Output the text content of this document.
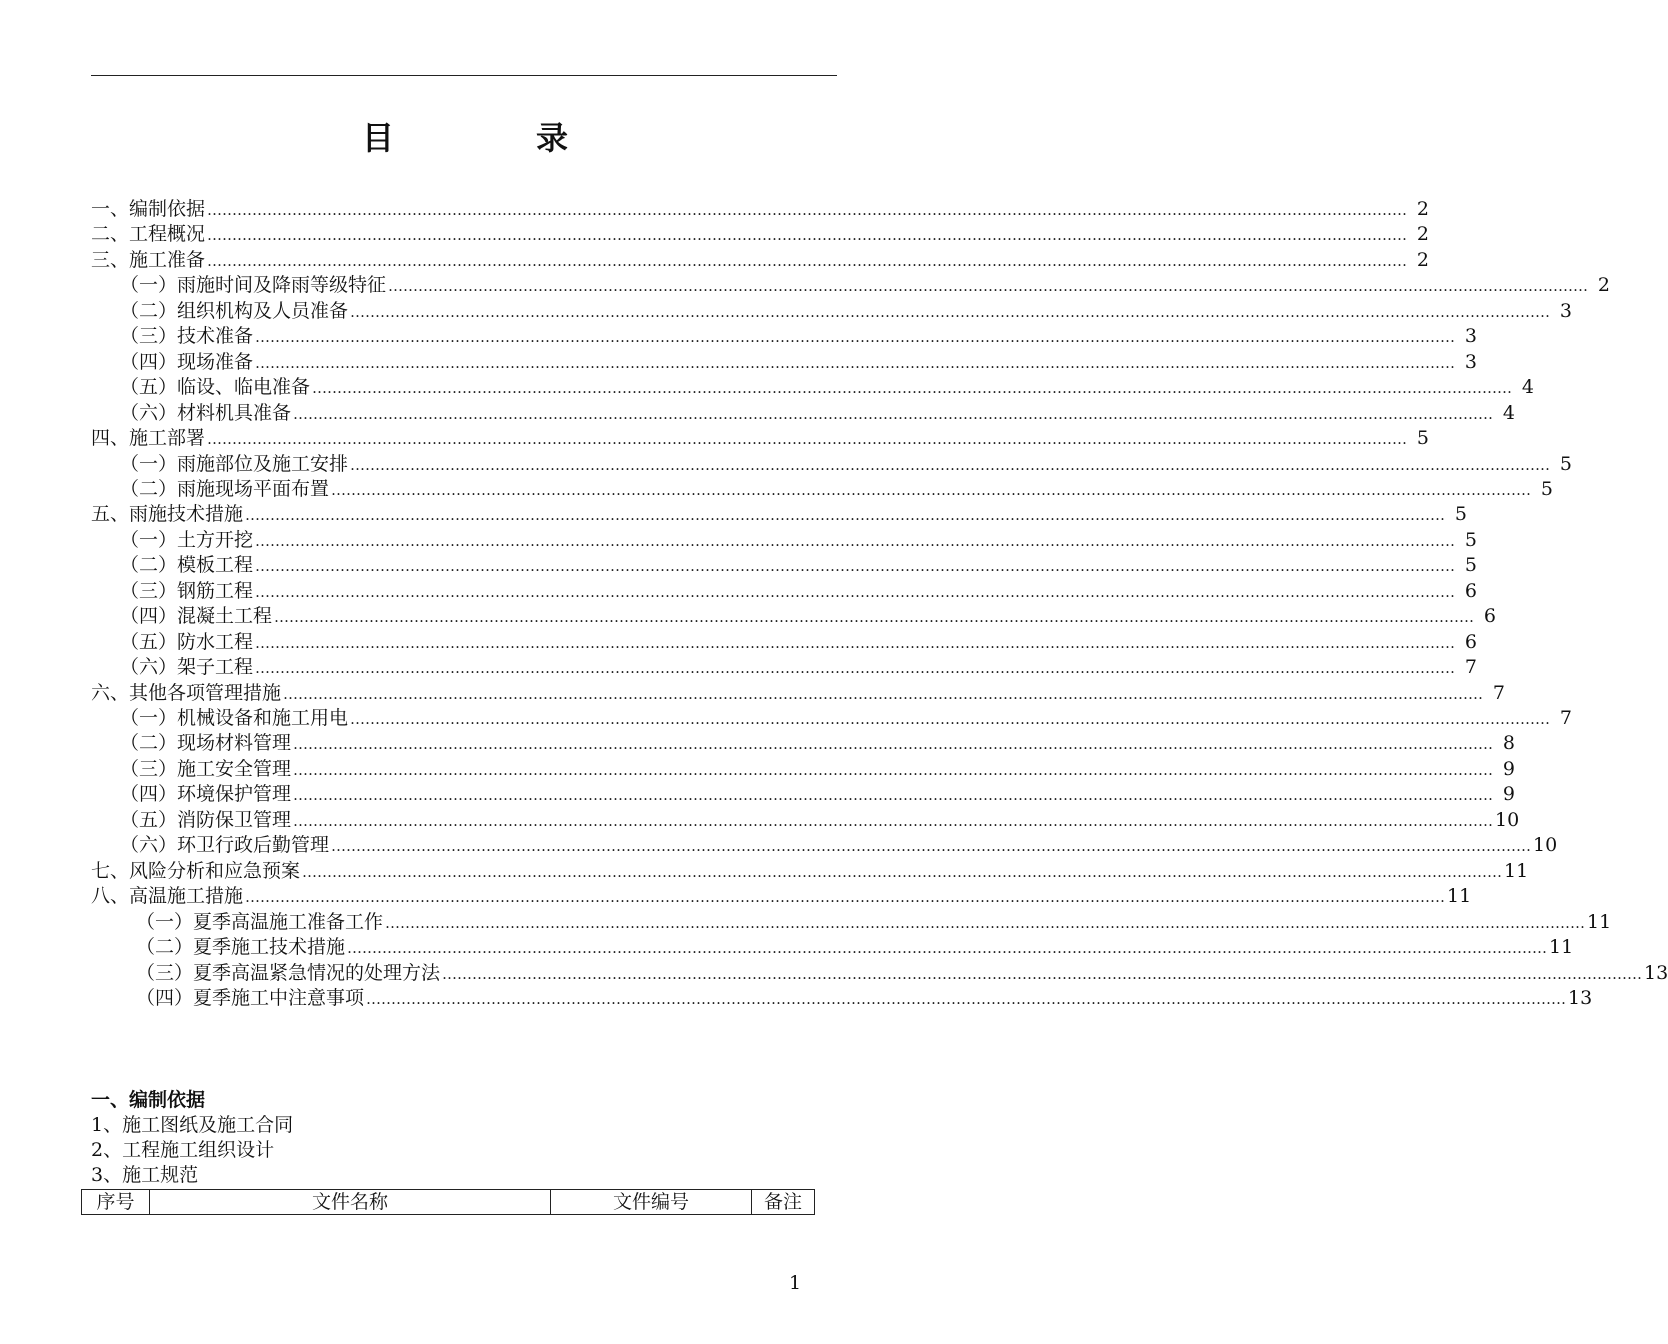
目	录
一、编制依据 …………………………………………………………………………………………………………………………………………………………………………………………………………………… 2
二、工程概况 …………………………………………………………………………………………………………………………………………………………………………………………………………………… 2
三、施工准备 …………………………………………………………………………………………………………………………………………………………………………………………………………………… 2
（一）雨施时间及降雨等级特征 …………………………………………………………………………………………………………………………………………………………………………………………………………………… 2
（二）组织机构及人员准备 …………………………………………………………………………………………………………………………………………………………………………………………………………………… 3
（三）技术准备 …………………………………………………………………………………………………………………………………………………………………………………………………………………… 3
（四）现场准备 …………………………………………………………………………………………………………………………………………………………………………………………………………………… 3
（五）临设、临电准备 …………………………………………………………………………………………………………………………………………………………………………………………………………………… 4
（六）材料机具准备 …………………………………………………………………………………………………………………………………………………………………………………………………………………… 4
四、施工部署 …………………………………………………………………………………………………………………………………………………………………………………………………………………… 5
（一）雨施部位及施工安排 …………………………………………………………………………………………………………………………………………………………………………………………………………………… 5
（二）雨施现场平面布置 …………………………………………………………………………………………………………………………………………………………………………………………………………………… 5
五、雨施技术措施 …………………………………………………………………………………………………………………………………………………………………………………………………………………… 5
（一）土方开挖 …………………………………………………………………………………………………………………………………………………………………………………………………………………… 5
（二）模板工程 …………………………………………………………………………………………………………………………………………………………………………………………………………………… 5
（三）钢筋工程 …………………………………………………………………………………………………………………………………………………………………………………………………………………… 6
（四）混凝土工程 …………………………………………………………………………………………………………………………………………………………………………………………………………………… 6
（五）防水工程 …………………………………………………………………………………………………………………………………………………………………………………………………………………… 6
（六）架子工程 …………………………………………………………………………………………………………………………………………………………………………………………………………………… 7
六、其他各项管理措施 …………………………………………………………………………………………………………………………………………………………………………………………………………………… 7
（一）机械设备和施工用电 …………………………………………………………………………………………………………………………………………………………………………………………………………………… 7
（二）现场材料管理 …………………………………………………………………………………………………………………………………………………………………………………………………………………… 8
（三）施工安全管理 …………………………………………………………………………………………………………………………………………………………………………………………………………………… 9
（四）环境保护管理 …………………………………………………………………………………………………………………………………………………………………………………………………………………… 9
（五）消防保卫管理 …………………………………………………………………………………………………………………………………………………………………………………………………………………… 10
（六）环卫行政后勤管理 …………………………………………………………………………………………………………………………………………………………………………………………………………………… 10
七、风险分析和应急预案 …………………………………………………………………………………………………………………………………………………………………………………………………………………… 11
八、高温施工措施 …………………………………………………………………………………………………………………………………………………………………………………………………………………… 11
（一）夏季高温施工准备工作 …………………………………………………………………………………………………………………………………………………………………………………………………………………… 11
（二）夏季施工技术措施 …………………………………………………………………………………………………………………………………………………………………………………………………………………… 11
（三）夏季高温紧急情况的处理方法 …………………………………………………………………………………………………………………………………………………………………………………………………………………… 13
（四）夏季施工中注意事项 …………………………………………………………………………………………………………………………………………………………………………………………………………………… 13
一、编制依据
1、施工图纸及施工合同
2、工程施工组织设计
3、施工规范
序号	文件名称	文件编号	备注
1
